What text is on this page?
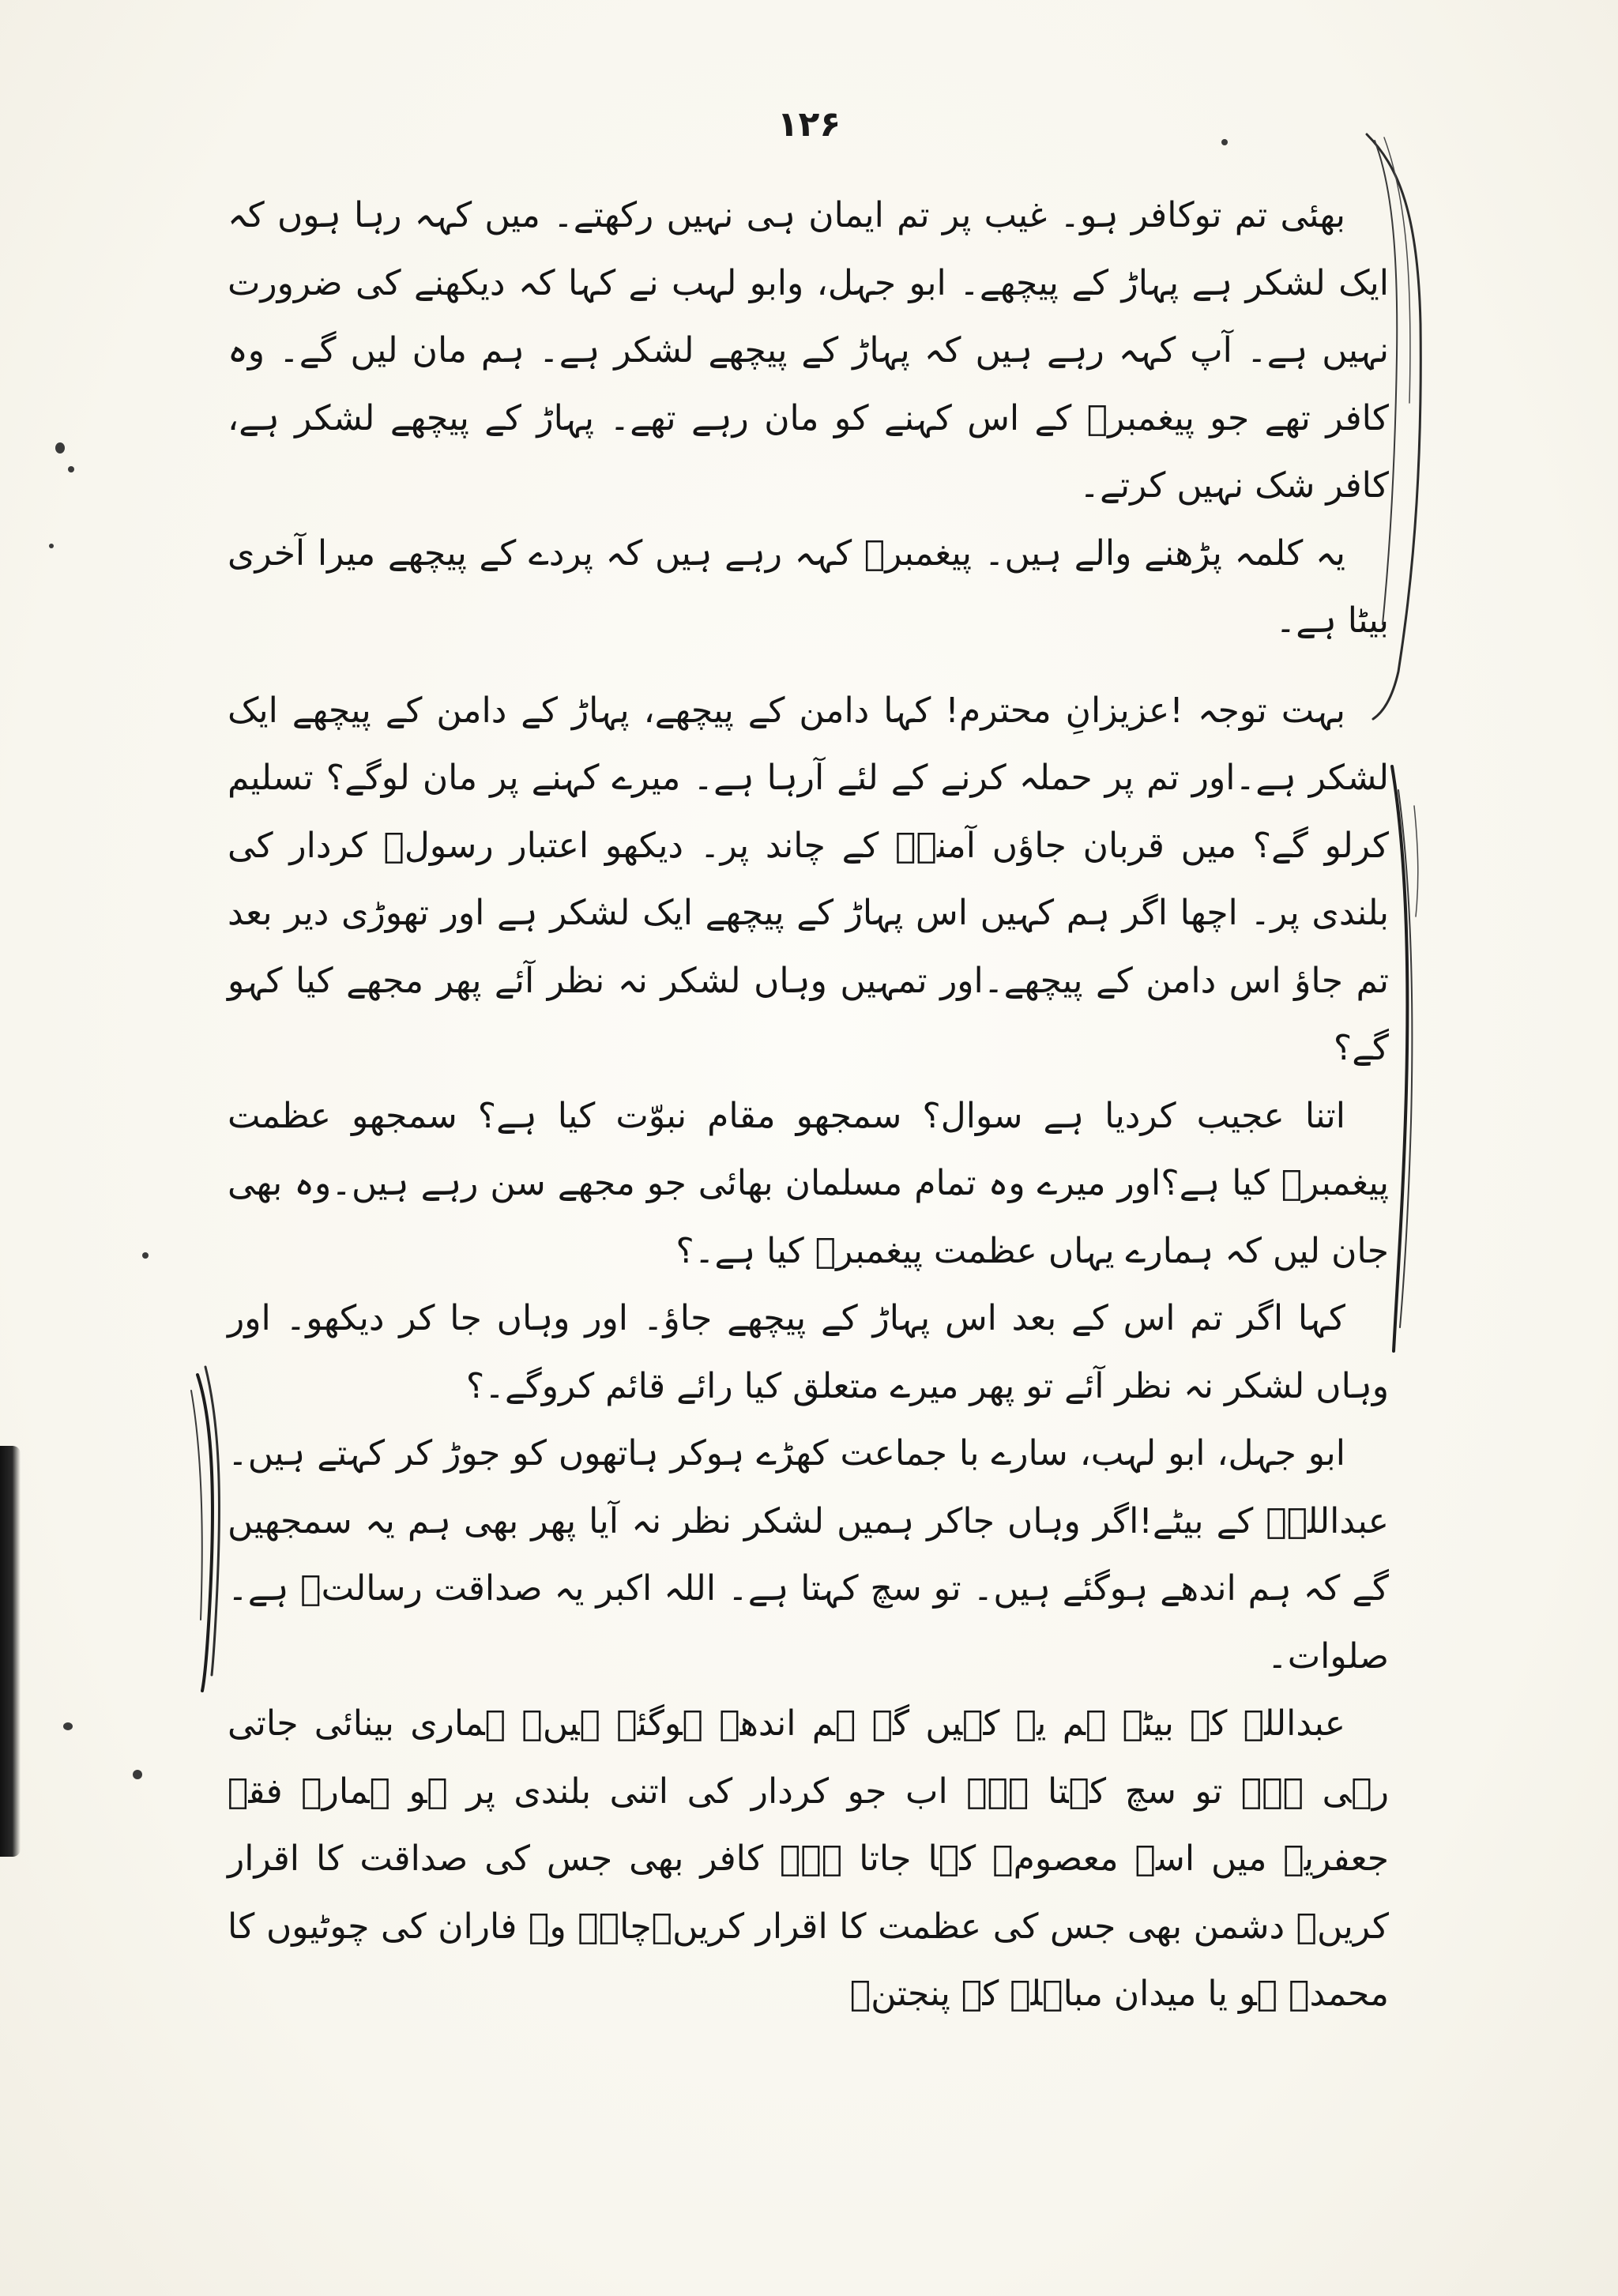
۱۲۶

بھئی تم توکافر ہو۔ غیب پر تم ایمان ہی نہیں رکھتے۔ میں کہہ رہا ہوں کہ ایک لشکر ہے پہاڑ کے پیچھے۔ ابو جہل، وابو لہب نے کہا کہ دیکھنے کی ضرورت نہیں ہے۔ آپ کہہ رہے ہیں کہ پہاڑ کے پیچھے لشکر ہے۔ ہم مان لیں گے۔ وہ کافر تھے جو پیغمبرؐ کے اس کہنے کو مان رہے تھے۔ پہاڑ کے پیچھے لشکر ہے، کافر شک نہیں کرتے۔

یہ کلمہ پڑھنے والے ہیں۔ پیغمبرؐ کہہ رہے ہیں کہ پردے کے پیچھے میرا آخری بیٹا ہے۔

بہت توجہ !عزیزانِ محترم! کہا دامن کے پیچھے، پہاڑ کے دامن کے پیچھے ایک لشکر ہے۔اور تم پر حملہ کرنے کے لئے آرہا ہے۔ میرے کہنے پر مان لوگے؟ تسلیم کرلو گے؟ میں قربان جاؤں آمنہؑ کے چاند پر۔ دیکھو اعتبار رسولؐ کردار کی بلندی پر۔ اچھا اگر ہم کہیں اس پہاڑ کے پیچھے ایک لشکر ہے اور تھوڑی دیر بعد تم جاؤ اس دامن کے پیچھے۔اور تمہیں وہاں لشکر نہ نظر آئے پھر مجھے کیا کہو گے؟

اتنا عجیب کردیا ہے سوال؟ سمجھو مقام نبوّت کیا ہے؟ سمجھو عظمت پیغمبرؐ کیا ہے؟اور میرے وہ تمام مسلمان بھائی جو مجھے سن رہے ہیں۔وہ بھی جان لیں کہ ہمارے یہاں عظمت پیغمبرؐ کیا ہے۔؟

کہا اگر تم اس کے بعد اس پہاڑ کے پیچھے جاؤ۔ اور وہاں جا کر دیکھو۔ اور وہاں لشکر نہ نظر آئے تو پھر میرے متعلق کیا رائے قائم کروگے۔؟

ابو جہل، ابو لہب، سارے با جماعت کھڑے ہوکر ہاتھوں کو جوڑ کر کہتے ہیں۔ عبداللہؑ کے بیٹے!اگر وہاں جاکر ہمیں لشکر نظر نہ آیا پھر بھی ہم یہ سمجھیں گے کہ ہم اندھے ہوگئے ہیں۔ تو سچ کہتا ہے۔ اللہ اکبر یہ صداقت رسالتؐ ہے۔ صلوات۔

عبداللہ کے بیٹے ہم یہ کہیں گے ہم اندھے ہوگئے ہیں۔ ہماری بینائی جاتی رہی ہے۔ تو سچ کہتا ہے۔ اب جو کردار کی اتنی بلندی پر ہو ہمارے فقہ جعفریہ میں اسے معصومؑ کہا جاتا ہے۔ کافر بھی جس کی صداقت کا اقرار کریں۔ دشمن بھی جس کی عظمت کا اقرار کریں۔چاہے وہ فاران کی چوٹیوں کا محمدؐ ہو یا میدان مباہلہ کے پنجتنؑ
